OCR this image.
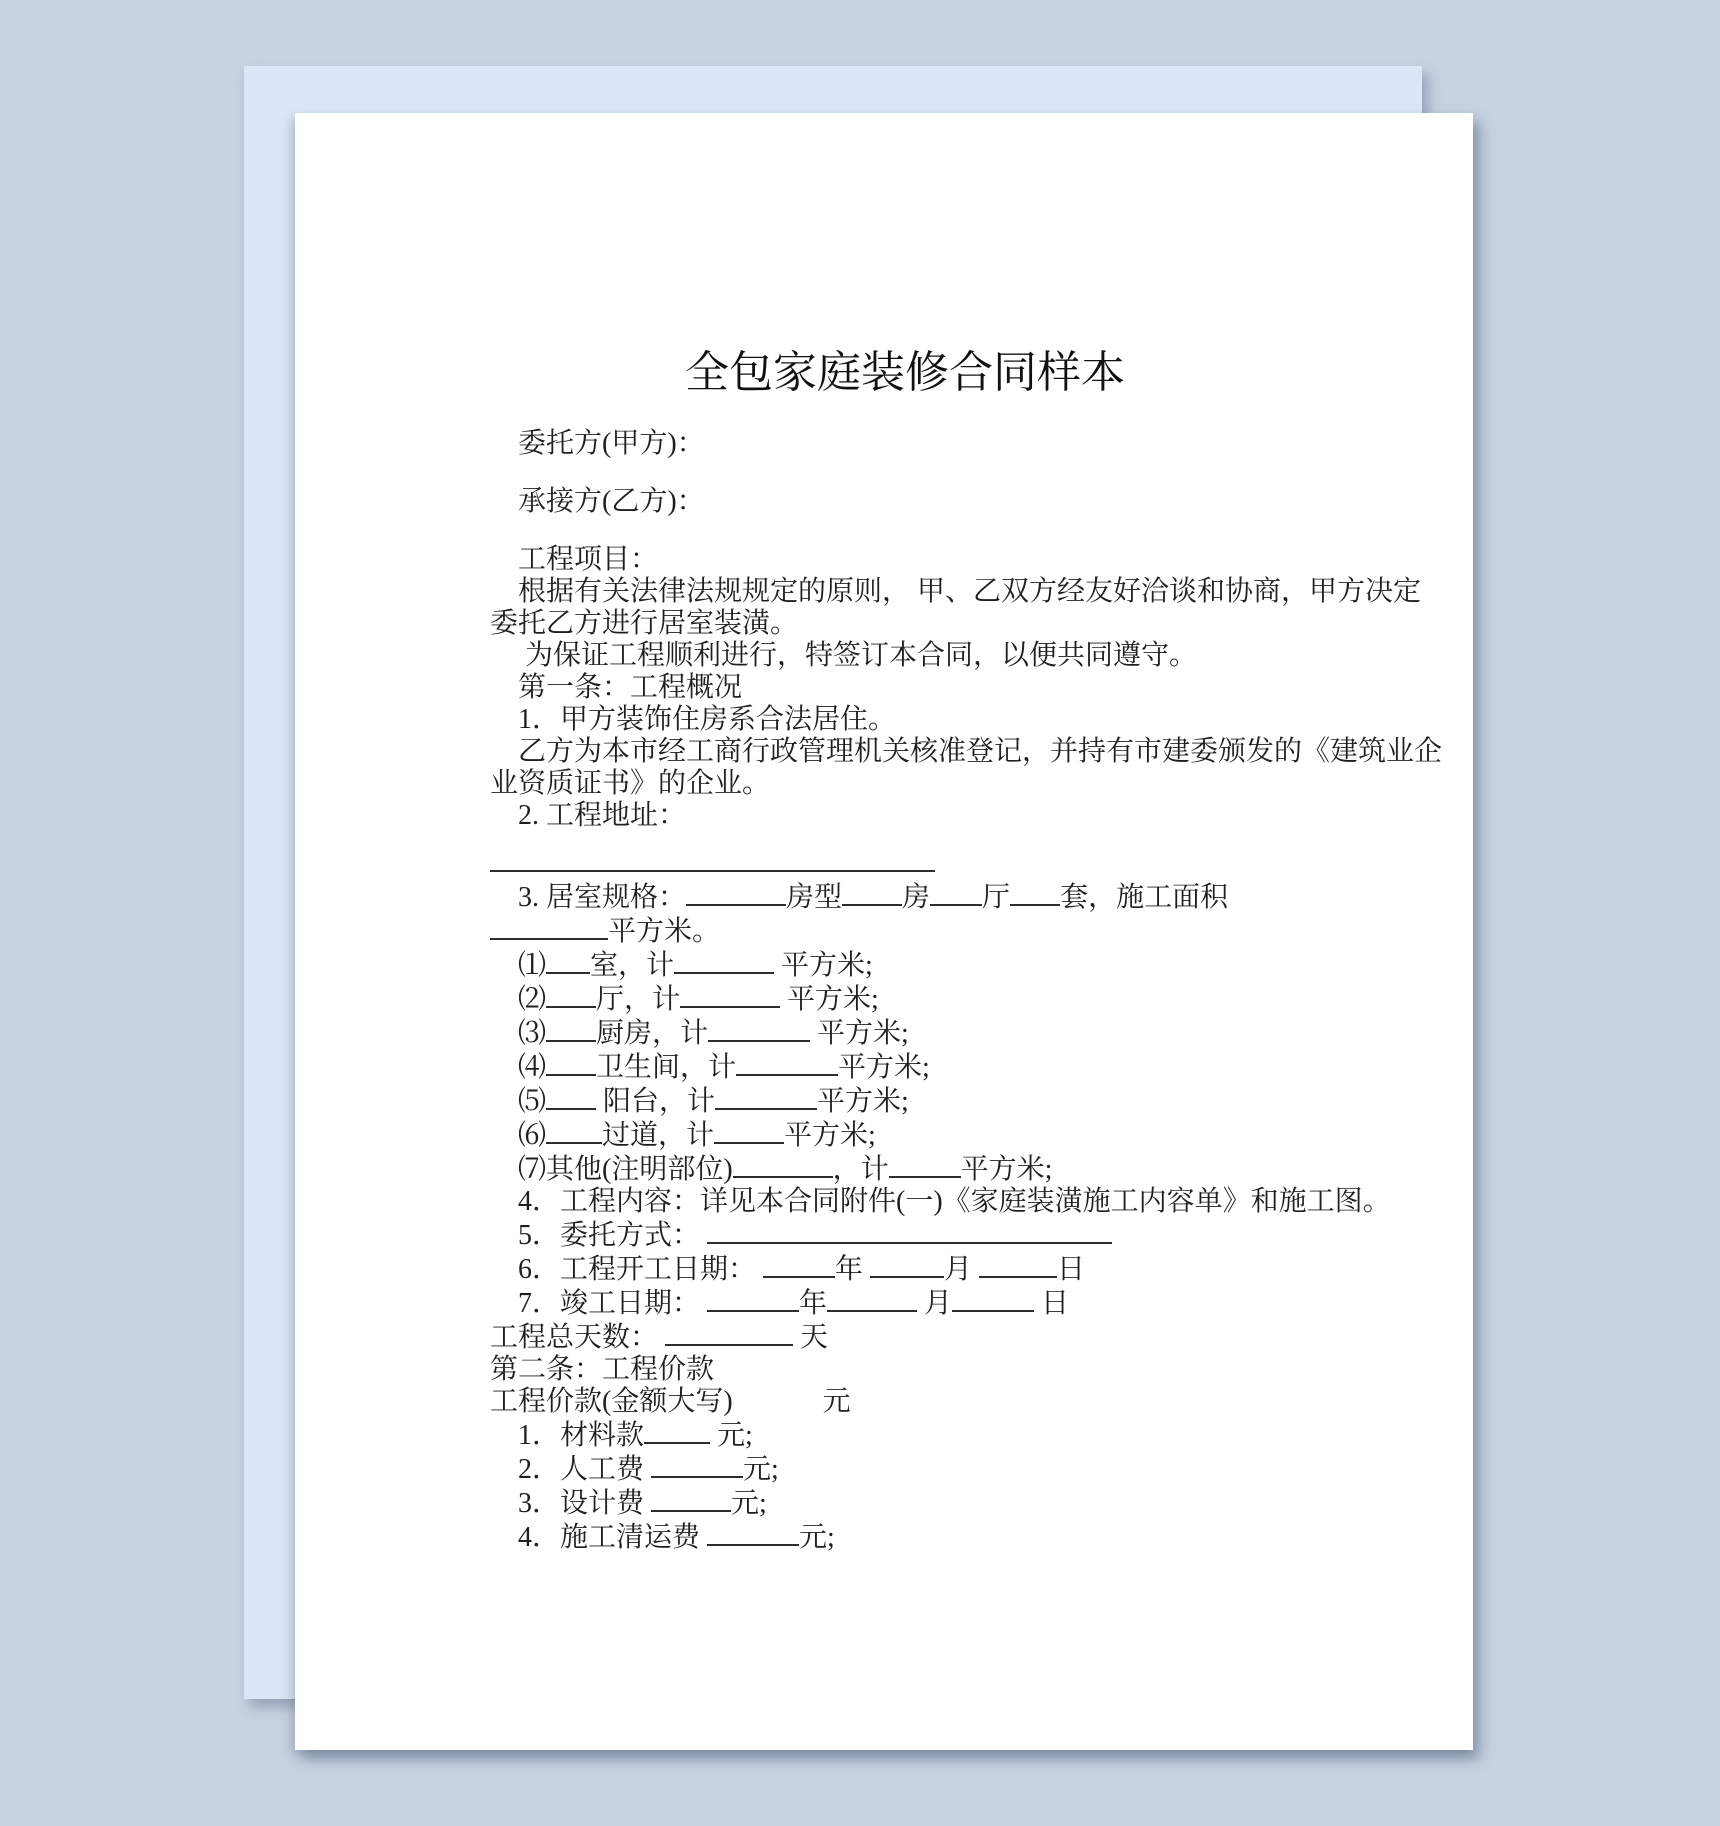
全包家庭装修合同样本
委托方(甲方)：
承接方(乙方)：
工程项目：
根据有关法律法规规定的原则， 甲、乙双方经友好洽谈和协商，甲方决定
委托乙方进行居室装潢。
为保证工程顺利进行，特签订本合同，以便共同遵守。
第一条：工程概况
1．甲方装饰住房系合法居住。
乙方为本市经工商行政管理机关核准登记，并持有市建委颁发的《建筑业企
业资质证书》的企业。
2. 工程地址：
3. 居室规格：	房型 房 厅 套，施工面积
平方米。
⑴ 室，计	平方米;
⑵ 厅，计	平方米;
⑶ 厨房，计	平方米;
⑷ 卫生间，计	平方米;
⑸ 阳台，计	平方米;
⑹ 过道，计	平方米;
⑺其他(注明部位)	，计	平方米;
4．工程内容：详见本合同附件(一)《家庭装潢施工内容单》和施工图。
5．委托方式：
6．工程开工日期：	年	月	日
7．竣工日期：	年	月	日
工程总天数：	天
第二条：工程价款
工程价款(金额大写)	元
1．材料款 元;
2．人工费	元;
3．设计费	元;
4．施工清运费	元;
